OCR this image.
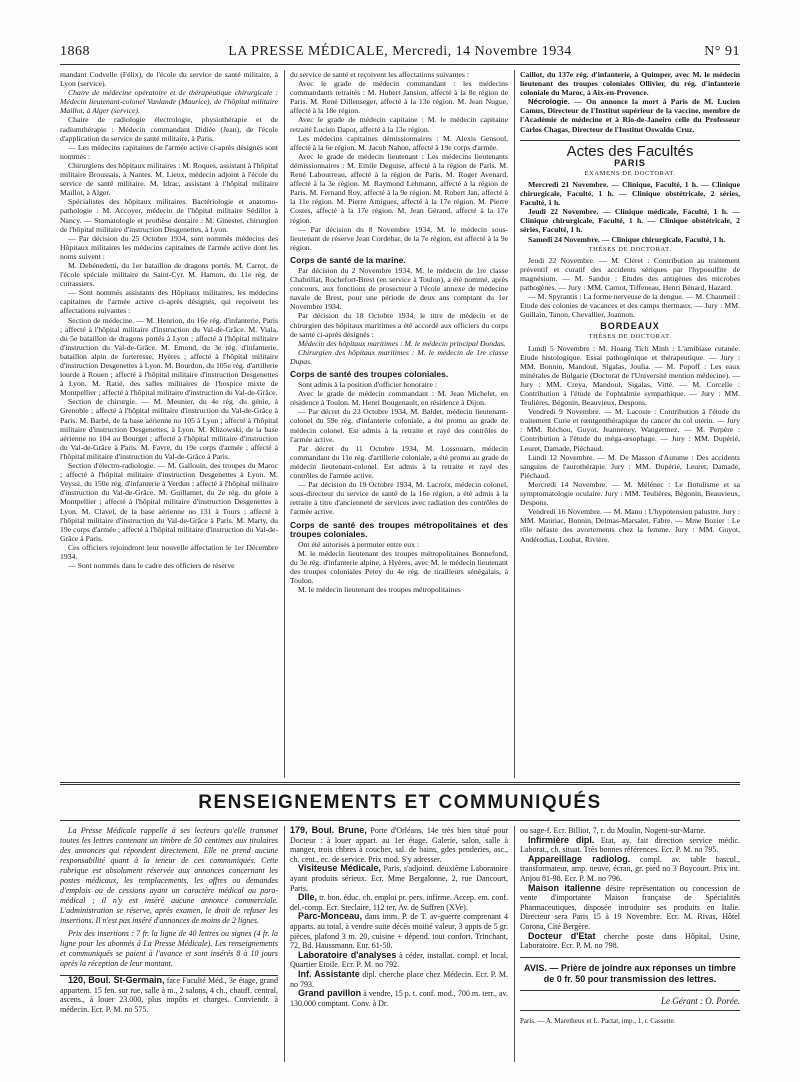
1868	LA PRESSE MÉDICALE, Mercredi, 14 Novembre 1934	N° 91

mandant Codvelle (Félix), de l'école du service de santé militaire, à Lyon (service).

Chaire de médecine opératoire et de thérapeutique chirurgicale : Médecin lieutenant-colonel Vanlande (Maurice), de l'hôpital militaire Maillot, à Alger (service).

Chaire de radiologie électrologie, physiothérapie et de radiumthérapie : Médecin commandant Didiée (Jean), de l'école d'application du service de santé militaire, à Paris.

— Les médecins capitaines de l'armée active ci-après désignés sont nommés :

Chirurgiens des hôpitaux militaires : M. Roques, assistant à l'hôpital militaire Broussais, à Nantes. M. Lieux, médecin adjoint à l'école du service de santé militaire. M. Idrac, assistant à l'hôpital militaire Maillot, à Alger.

Spécialistes des hôpitaux militaires. Bactériologie et anatomo-pathologie : M. Accoyer, médecin de l'hôpital militaire Sédillot à Nancy. — Stomatologie et prothèse dentaire : M. Ginestet, chirurgien de l'hôpital militaire d'instruction Desgenettes, à Lyon.

— Par décision du 25 Octobre 1934, sont nommés médecins des Hôpitaux militaires les médecins capitaines de l'armée active dont les noms suivent :

M. Debénedetti, du 1er bataillon de dragons portés. M. Carrot, de l'école spéciale militaire de Saint-Cyr. M. Hamon, du 11e rég. de cuirassiers.

— Sont nommés assistants des Hôpitaux militaires, les médecins capitaines de l'armée active ci-après désignés, qui reçoivent les affectations suivantes :

Section de médecine. — M. Henrion, du 16e rég. d'infanterie, Paris ; affecté à l'hôpital militaire d'instruction du Val-de-Grâce. M. Viala, du 5e bataillon de dragons portés à Lyon ; affecté à l'hôpital militaire d'instruction du Val-de-Grâce. M. Emond, du 3e rég. d'infanterie, bataillon alpin de forteresse, Hyères ; affecté à l'hôpital militaire d'instruction Desgenettes à Lyon. M. Bourdon, du 105e rég. d'artillerie lourde à Rouen ; affecté à l'hôpital militaire d'instruction Desgenettes à Lyon. M. Ratié, des salles militaires de l'hospice mixte de Montpellier ; affecté à l'hôpital militaire d'instruction du Val-de-Grâce.

Section de chirurgie. — M. Meunier, du 4e rég. du génie, à Grenoble ; affecté à l'hôpital militaire d'instruction du Val-de-Grâce à Paris. M. Barbé, de la base aérienne no 105 à Lyon ; affecté à l'hôpital militaire d'instruction Desgenettes, à Lyon. M. Klizowski, de la base aérienne no 104 au Bourget ; affecté à l'hôpital militaire d'instruction du Val-de-Grâce à Paris. M. Favre, du 19e corps d'armée ; affecté à l'hôpital militaire d'instruction du Val-de-Grâce à Paris.

Section d'électro-radiologie. — M. Gallouin, des troupes du Maroc ; affecté à l'hôpital militaire d'instruction Desgenettes à Lyon. M. Veyssi, du 150e rég. d'infanterie à Verdun ; affecté à l'hôpital militaire d'instruction du Val-de-Grâce. M. Guillamet, du 2e rég. du génie à Montpellier ; affecté à l'hôpital militaire d'instruction Desgenettes à Lyon. M. Clavel, de la base aérienne no 131 à Tours ; affecté à l'hôpital militaire d'instruction du Val-de-Grâce à Paris. M. Marty, du 19e corps d'armée ; affecté à l'hôpital militaire d'instruction du Val-de-Grâce à Paris.

Ces officiers rejoindront leur nouvelle affectation le 1er Décembre 1934.

— Sont nommés dans le cadre des officiers de réserve

du service de santé et reçoivent les affectations suivantes :

Avec le grade de médecin commandant : les médecins commandants retraités : M. Hubert Jansion, affecté à la 8e région de Paris. M. René Dillenseger, affecté à la 13e région. M. Jean Nugue, affecté à la 18e région.

Avec le grade de médecin capitaine : M. le médecin capitaine retraité Lucien Dapot, affecté à la 13e région.

Les médecins capitaines démissionnaires : M. Alexis Gensoul, affecté à la 6e région. M. Jacob Nahon, affecté à 19e corps d'armée.

Avec le grade de médecin lieutenant : Les médecins lieutenants démissionnaires : M. Emile Deguise, affecté à la région de Paris. M. René Labourreau, affecté à la région de Paris. M. Roger Avenard, affecté à la 3e région. M. Raymond Lehmann, affecté à la région de Paris. M. Fernand Roy, affecté à la 9e région. M. Robert Jan, affecté à la 11e région. M. Pierre Amigues, affecté à la 17e région. M. Pierre Costes, affecté à la 17e région. M. Jean Géraud, affecté à la 17e région.

— Par décision du 8 Novembre 1934, M. le médecin sous-lieutenant de réserve Jean Cordebar, de la 7e région, est affecté à la 9e région.

Corps de santé de la marine.

Par décision du 2 Novembre 1934, M. le médecin de 1re classe Chabrillat, Rochefort-Brest (en service à Toulon), a été nommé, après concours, aux fonctions de prosecteur à l'école annexe de médecine navale de Brest, pour une période de deux ans comptant du 1er Novembre 1934.

Par décision du 18 Octobre 1934, le titre de médecin et de chirurgien des hôpitaux maritimes a été accordé aux officiers du corps de santé ci-après désignés :

Médecin des hôpitaux maritimes : M. le médecin principal Dondas.

Chirurgien des hôpitaux maritimes : M. le médecin de 1re classe Dupas.

Corps de santé des troupes coloniales.

Sont admis à la position d'officier honoraire :

Avec le grade de médecin commandant : M. Jean Michelet, en résidence à Toulon. M. Henri Bougenault, en résidence à Dijon.

— Par décret du 23 Octobre 1934, M. Baldet, médecin lieutenant-colonel du 59e rég. d'infanterie coloniale, a été promu au grade de médecin colonel. Est admis à la retraite et rayé des contrôles de l'armée active.

Par décret du 11 Octobre 1934, M. Lossouarn, médecin commandant du 11e rég. d'artillerie coloniale, a été promu au grade de médecin lieutenant-colonel. Est admis à la retraite et rayé des contrôles de l'armée active.

— Par décision du 19 Octobre 1934, M. Lacroix, médecin colonel, sous-directeur du service de santé de la 16e région, a été admis à la retraite à titre d'ancienneté de services avec radiation des contrôles de l'armée active.

Corps de santé des troupes métropolitaines et des troupes coloniales.

Ont été autorisés à permuter entre eux :

M. le médecin lieutenant des troupes métropolitaines Bonnefond, du 3e rég. d'infanterie alpine, à Hyères, avec M. le médecin lieutenant des troupes coloniales Petey du 4e rég. de tirailleurs sénégalais, à Toulon.

M. le médecin lieutenant des troupes métropolitaines

Caillot, du 137e rég. d'infanterie, à Quimper, avec M. le médecin lieutenant des troupes coloniales Ollivier, du rég. d'infanterie coloniale du Maroc, à Aix-en-Provence.

Nécrologie. — On annonce la mort à Paris de M. Lucien Camus, Directeur de l'Institut supérieur de la vaccine, membre de l'Académie de médecine et à Rio-de-Janeiro celle du Professeur Carlos Chagas, Directeur de l'Institut Oswaldo Cruz.

Actes des Facultés
PARIS
EXAMENS DE DOCTORAT.

Mercredi 21 Novembre. — Clinique, Faculté, 1 h. — Clinique chirurgicale, Faculté, 1 h. — Clinique obstétricale, 2 séries, Faculté, 1 h.

Jeudi 22 Novembre. — Clinique médicale, Faculté, 1 h. — Clinique chirurgicale, Faculté, 1 h. — Clinique obstétricale, 2 séries, Faculté, 1 h.

Samedi 24 Novembre. — Clinique chirurgicale, Faculté, 1 h.

THÈSES DE DOCTORAT.

Jeudi 22 Novembre. — M. Cléret : Contribution au traitement préventif et curatif des accidents sériques par l'hyposulfite de magnésium. — M. Sandor : Etudes des antigènes des microbes pathogènes. — Jury : MM. Carnot, Tiffeneau, Henri Bénard, Hazard.

— M. Spyrantis : La forme nerveuse de la dengue. — M. Chaumeil : Etude des colonies de vacances et des camps thermaux. — Jury : MM. Guillain, Tanon, Chevallier, Joannon.

BORDEAUX
THÈSES DE DOCTORAT.

Lundi 5 Novembre : M. Hoang Tich Minh : L'amibiase cutanée. Etude histologique. Essai pathogénique et thérapeutique. — Jury : MM. Bonnin, Mandoul, Sigalas, Joulia. — M. Popoff : Les eaux minérales de Bulgarie (Doctorat de l'Université mention médecine). — Jury : MM. Creya, Mandoul, Sigalas, Vitté. — M. Corcelle : Contribution à l'étude de l'ophtalmie sympathique. — Jury : MM. Teulières, Bégonin, Beauvieux, Despons.

Vendredi 9 Novembre. — M. Lacoste : Contribution à l'étude du traitement Curie et rœntgenthérapique du cancer du col utérin. — Jury : MM. Réchou, Guyot, Jeanneney, Wangermez. — M. Perpère : Contribution à l'étude du méga-œsophage. — Jury : MM. Dupérié, Leuret, Damade, Piéchaud.

Lundi 12 Novembre. — M. De Masson d'Autume : Des accidents sanguins de l'aurothérapie. Jury : MM. Dupérié, Leuret, Damade, Piéchaud.

Mercredi 14 Novembre. — M. Mélénec : Le Botulisme et sa symptomatologie oculaire. Jury : MM. Teulières, Bégonin, Beauvieux, Despons.

Vendredi 16 Novembre. — M. Mano : L'hypotension palustre. Jury : MM. Mauriac, Bonnin, Delmas-Marsalet, Fabre. — Mme Bozier : Le rôle néfaste des avortements chez la femme. Jury : MM. Guyot, Andérodias, Loubat, Rivière.

RENSEIGNEMENTS ET COMMUNIQUÉS

La Presse Médicale rappelle à ses lecteurs qu'elle transmet toutes les lettres contenant un timbre de 50 centimes aux titulaires des annonces qui répondent directement. Elle ne prend aucune responsabilité quant à la teneur de ces communiqués. Cette rubrique est absolument réservée aux annonces concernant les postes médicaux, les remplacements, les offres ou demandes d'emplois ou de cessions ayant un caractère médical ou para-médical ; il n'y est inséré aucune annonce commerciale. L'administration se réserve, après examen, le droit de refuser les insertions. Il n'est pas inséré d'annonces de moins de 2 lignes.

Prix des insertions : 7 fr. la ligne de 40 lettres ou signes (4 fr. la ligne pour les abonnés à La Presse Médicale). Les renseignements et communiqués se paient à l'avance et sont insérés 8 à 10 jours après la réception de leur montant.

120, Boul. St-Germain, face Faculté Méd., 3e étage, grand appartem. 15 fen. sur rue, salle à m., 2 salons, 4 ch., chauff. central, ascens., à louer 23.000, plus impôts et charges. Conviendr. à médecin. Ecr. P. M. no 575.

179, Boul. Brune, Porte d'Orléans, 14e très bien situé pour Docteur : à louer appart. au 1er étage. Galerie, salon, salle à manger, trois chbres à coucher, sal. de bains, gdes penderies, asc., ch. cent., ec. de service. Prix mod. S'y adresser.

Visiteuse Médicale, Paris, s'adjoind. deuxième Laboratoire ayant produits sérieux. Ecr. Mme Bergalonne, 2, rue Dancourt, Paris.

Dlle, tr. bon. éduc. ch. emploi pr. pers. infirme. Accep. em. conf. del.-comp. Ecr. Steclaire, 112 ter, Av. de Suffren (XVe).

Parc-Monceau, dans imm. P. de T. av-guerre comprenant 4 apparts. au total, à vendre suite décès moitié valeur, 3 appts de 5 gr. pièces, plafond 3 m. 20, cuisine + dépend. tout confort. Trinchant, 72, Bd. Haussmann. Eur. 61-50.

Laboratoire d'analyses à céder, installat. compl. et local, Quartier Etoile. Ecr. P. M. no 792.

Inf. Assistante dipl. cherche place chez Médecin. Ecr. P. M. no 793.

Grand pavillon à vendre, 15 p. t. conf. mod., 700 m. terr., av. 130.000 comptant. Conv. à Dr.

ou sage-f. Ecr. Billiot, 7, r. du Moulin, Nogent-sur-Marne.

Infirmière dipl. Etat, ay. fait direction service médic. Laborat., ch. situat. Très bonnes références. Ecr. P. M. no 795.

Appareillage radiolog. compl. av. table bascul., transformateur, amp. neuve, écran, gr. pied no 3 Boycourt. Prix int. Anjou 81-98. Ecr. P. M. no 796.

Maison italienne désire représentation ou concession de vente d'importante Maison française de Spécialités Pharmaceutiques, disposée introduire ses produits en Italie. Directeur sera Paris 15 à 19 Novembre. Ecr. M. Rivas, Hôtel Corona, Cité Bergère.

Docteur d'Etat cherche poste dans Hôpital, Usine, Laboratoire. Ecr. P. M. no 798.

AVIS. — Prière de joindre aux réponses un timbre de 0 fr. 50 pour transmission des lettres.
Le Gérant : O. Porée.
Paris. — A. Maretheux et L. Pactat, imp., 1, r. Cassette.
